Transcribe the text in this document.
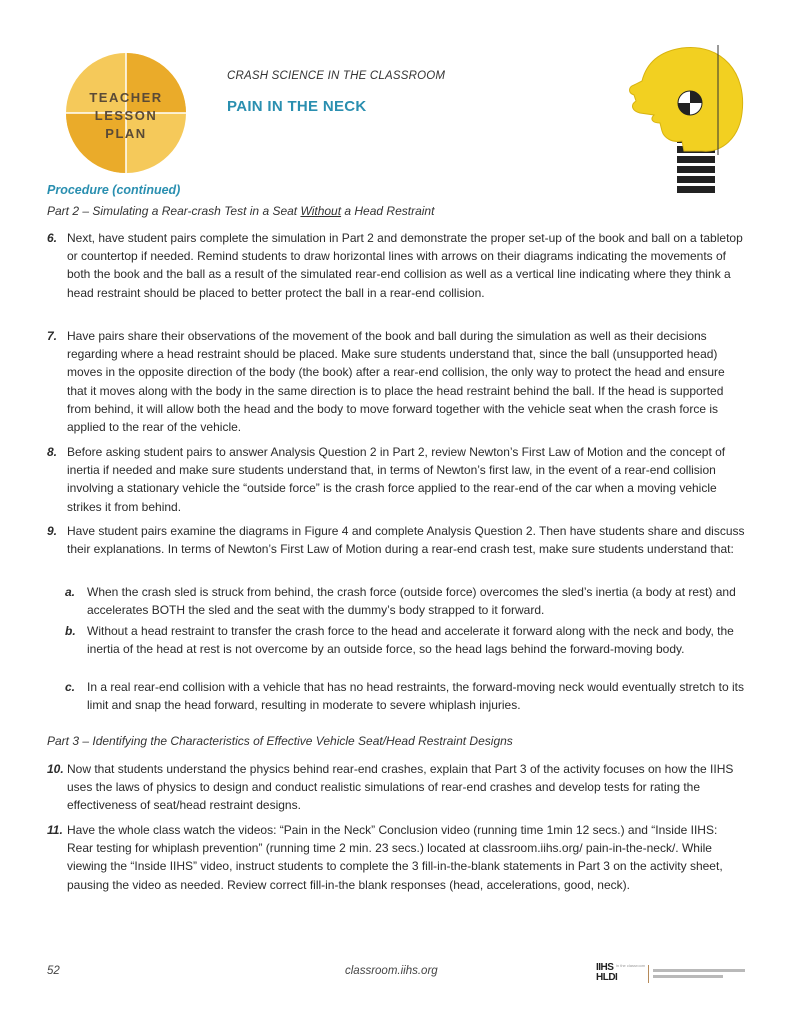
TEACHER
LESSON
PLAN
CRASH SCIENCE IN THE CLASSROOM
PAIN IN THE NECK
Procedure (continued)
Part 2 – Simulating a Rear-crash Test in a Seat Without a Head Restraint
6. Next, have student pairs complete the simulation in Part 2 and demonstrate the proper set-up of the book and ball on a tabletop or countertop if needed. Remind students to draw horizontal lines with arrows on their diagrams indicating the movements of both the book and the ball as a result of the simulated rear-end collision as well as a vertical line indicating where they think a head restraint should be placed to better protect the ball in a rear-end collision.
7. Have pairs share their observations of the movement of the book and ball during the simulation as well as their decisions regarding where a head restraint should be placed. Make sure students understand that, since the ball (unsupported head) moves in the opposite direction of the body (the book) after a rear-end collision, the only way to protect the head and ensure that it moves along with the body in the same direction is to place the head restraint behind the ball. If the head is supported from behind, it will allow both the head and the body to move forward together with the vehicle seat when the crash force is applied to the rear of the vehicle.
8. Before asking student pairs to answer Analysis Question 2 in Part 2, review Newton’s First Law of Motion and the concept of inertia if needed and make sure students understand that, in terms of Newton’s first law, in the event of a rear-end collision involving a stationary vehicle the “outside force” is the crash force applied to the rear-end of the car when a moving vehicle strikes it from behind.
9. Have student pairs examine the diagrams in Figure 4 and complete Analysis Question 2. Then have students share and discuss their explanations. In terms of Newton’s First Law of Motion during a rear-end crash test, make sure students understand that:
a. When the crash sled is struck from behind, the crash force (outside force) overcomes the sled’s inertia (a body at rest) and accelerates BOTH the sled and the seat with the dummy’s body strapped to it forward.
b. Without a head restraint to transfer the crash force to the head and accelerate it forward along with the neck and body, the inertia of the head at rest is not overcome by an outside force, so the head lags behind the forward-moving body.
c. In a real rear-end collision with a vehicle that has no head restraints, the forward-moving neck would eventually stretch to its limit and snap the head forward, resulting in moderate to severe whiplash injuries.
Part 3 – Identifying the Characteristics of Effective Vehicle Seat/Head Restraint Designs
10. Now that students understand the physics behind rear-end crashes, explain that Part 3 of the activity focuses on how the IIHS uses the laws of physics to design and conduct realistic simulations of rear-end crashes and develop tests for rating the effectiveness of seat/head restraint designs.
11. Have the whole class watch the videos: “Pain in the Neck” Conclusion video (running time 1min 12 secs.) and “Inside IIHS: Rear testing for whiplash prevention” (running time 2 min. 23 secs.) located at classroom.iihs.org/ pain-in-the-neck/. While viewing the “Inside IIHS” video, instruct students to complete the 3 fill-in-the-blank statements in Part 3 on the activity sheet, pausing the video as needed. Review correct fill-in-the blank responses (head, accelerations, good, neck).
52	classroom.iihs.org	IIHS HLDI
in the classroom
